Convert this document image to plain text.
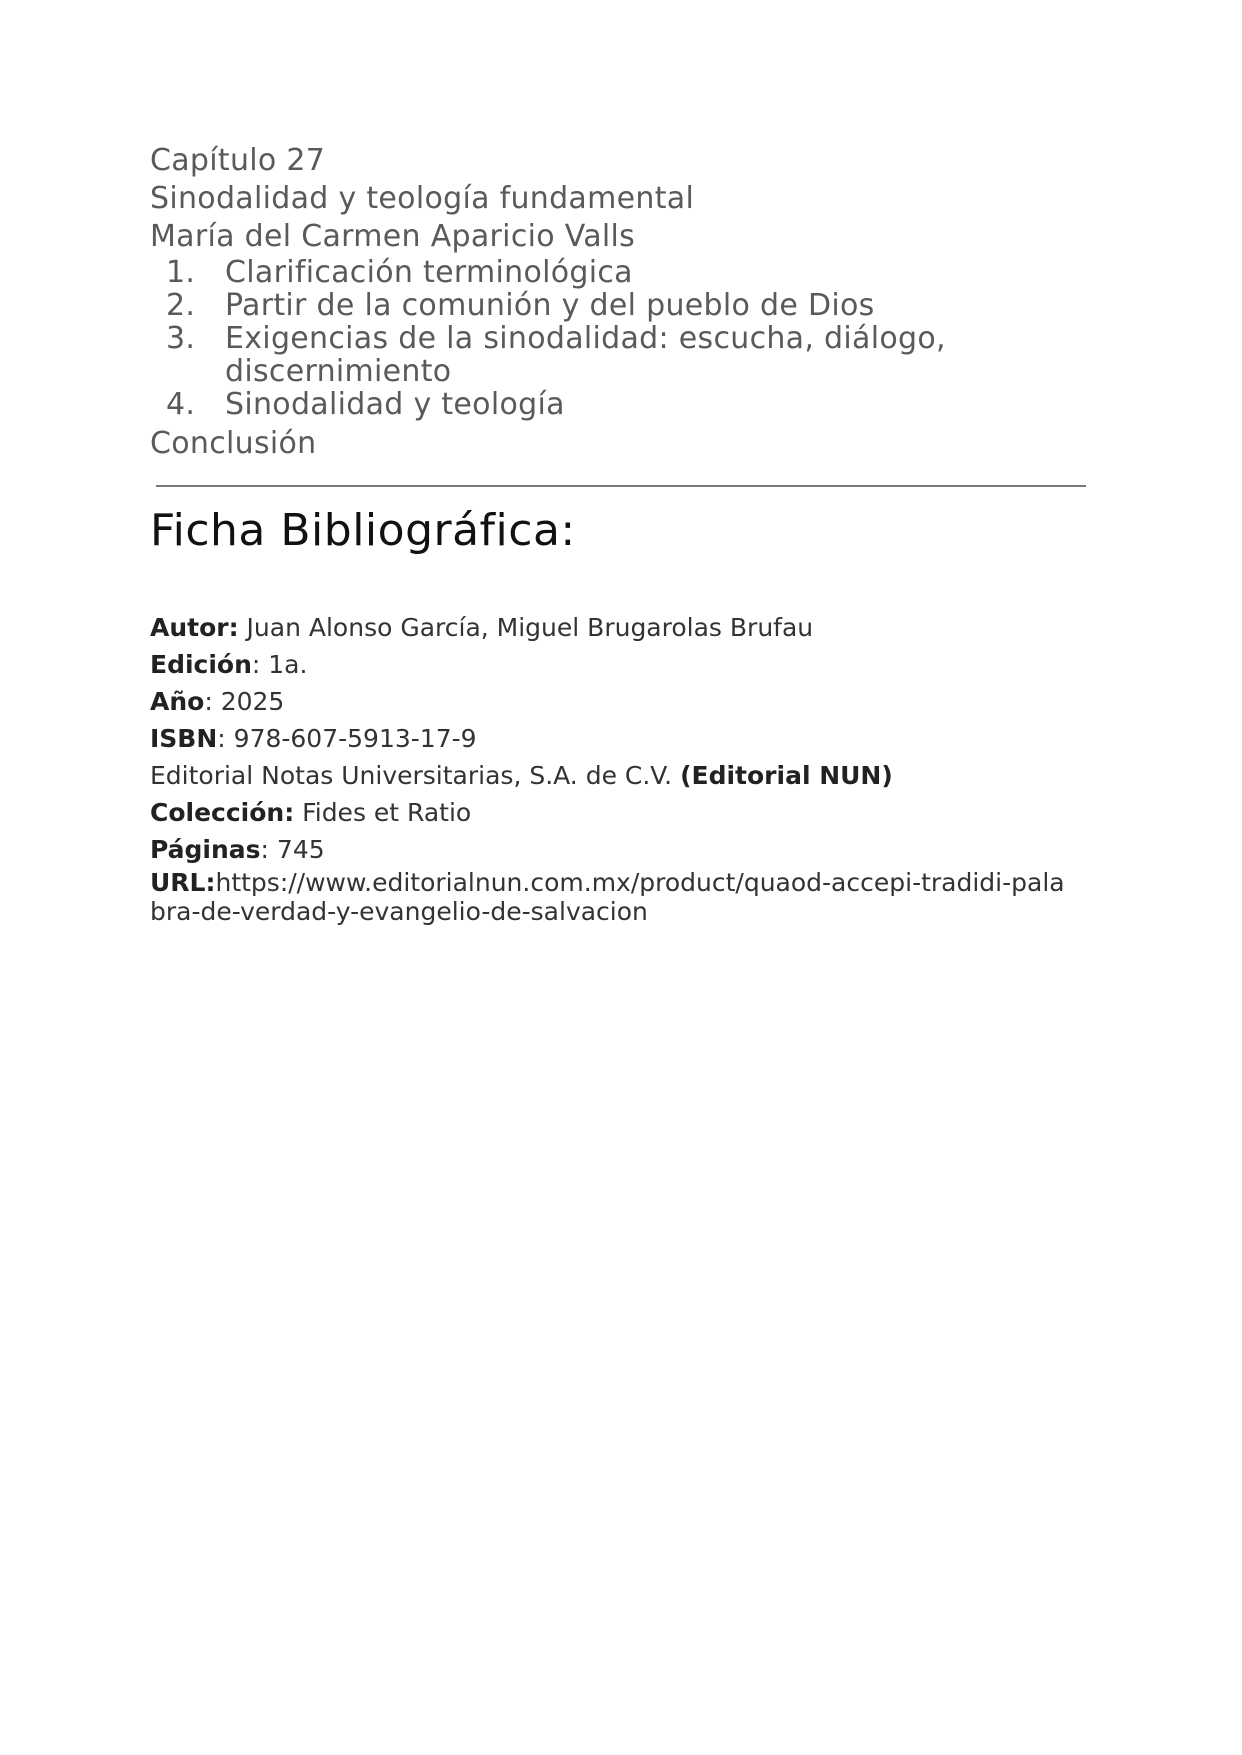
Capítulo 27
Sinodalidad y teología fundamental
María del Carmen Aparicio Valls
1. Clarificación terminológica
2. Partir de la comunión y del pueblo de Dios
3. Exigencias de la sinodalidad: escucha, diálogo, discernimiento
4. Sinodalidad y teología
Conclusión
Ficha Bibliográfica:
Autor: Juan Alonso García, Miguel Brugarolas Brufau
Edición: 1a.
Año: 2025
ISBN: 978-607-5913-17-9
Editorial Notas Universitarias, S.A. de C.V. (Editorial NUN)
Colección: Fides et Ratio
Páginas: 745
URL:https://www.editorialnun.com.mx/product/quaod-accepi-tradidi-palabra-de-verdad-y-evangelio-de-salvacion
